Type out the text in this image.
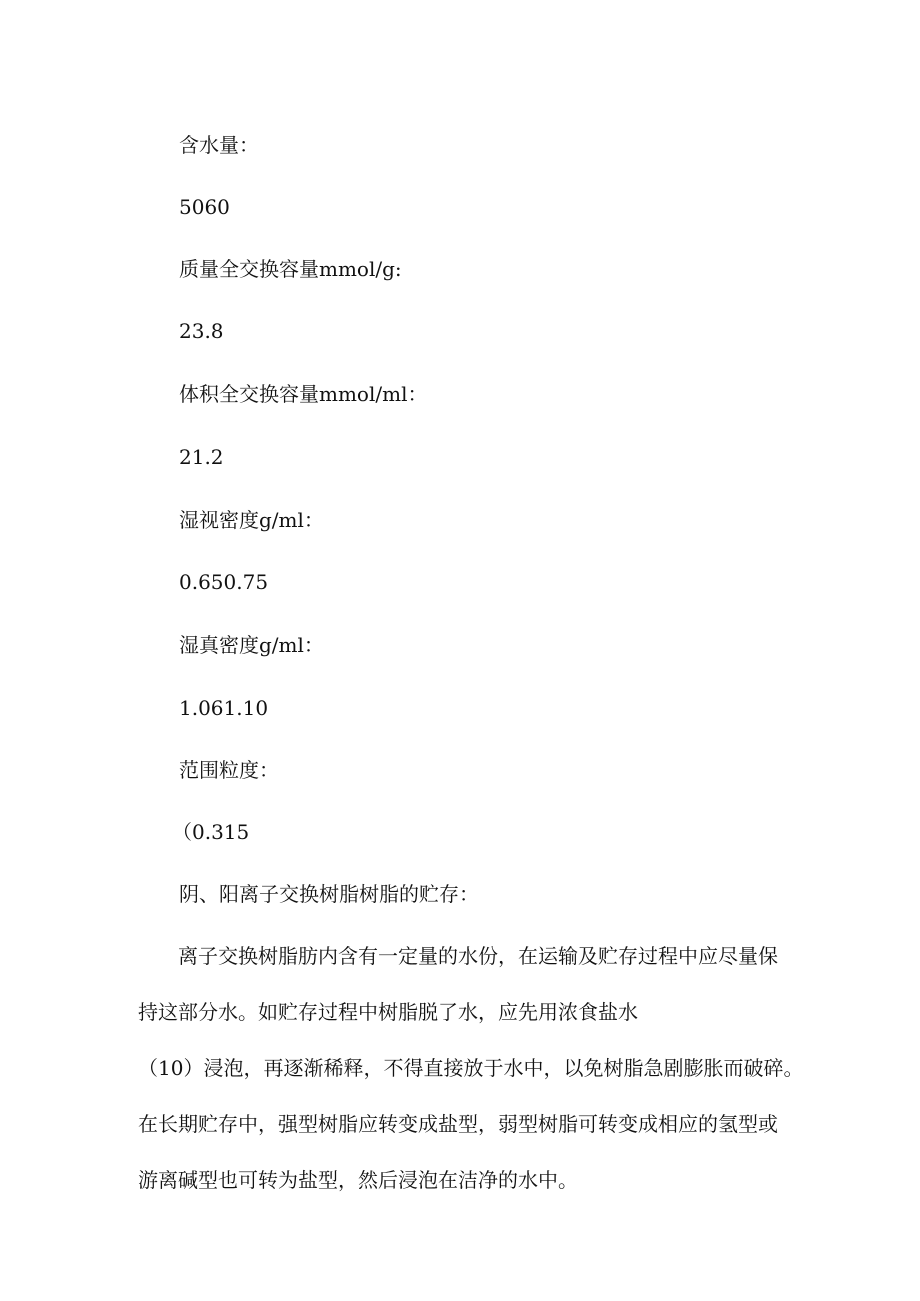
含水量：
5060
质量全交换容量mmol/g:
23.8
体积全交换容量mmol/ml：
21.2
湿视密度g/ml：
0.650.75
湿真密度g/ml：
1.061.10
范围粒度：
（0.315
阴、阳离子交换树脂树脂的贮存：
　　离子交换树脂肪内含有一定量的水份，在运输及贮存过程中应尽量保
持这部分水。如贮存过程中树脂脱了水，应先用浓食盐水
（10）浸泡，再逐渐稀释，不得直接放于水中，以免树脂急剧膨胀而破碎。
在长期贮存中，强型树脂应转变成盐型，弱型树脂可转变成相应的氢型或
游离碱型也可转为盐型，然后浸泡在洁净的水中。
